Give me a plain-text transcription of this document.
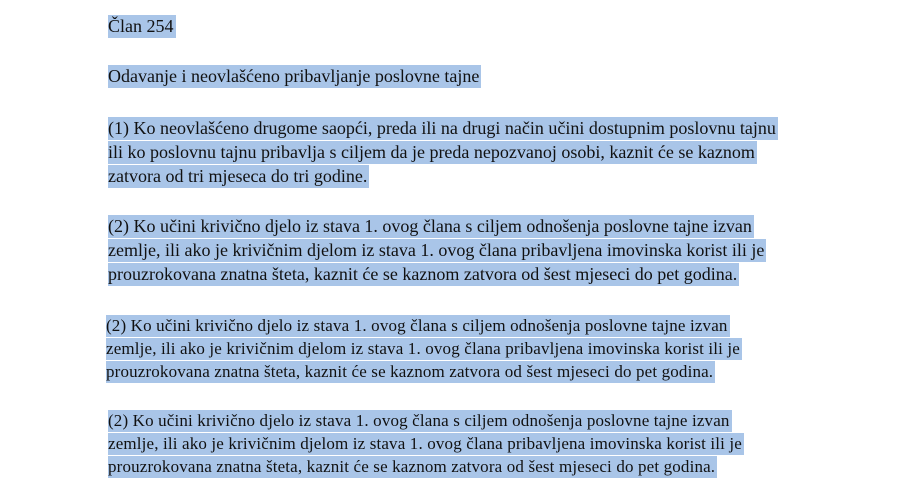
Član 254
Odavanje i neovlašćeno pribavljanje poslovne tajne
(1) Ko neovlašćeno drugome saopći, preda ili na drugi način učini dostupnim poslovnu tajnu
ili ko poslovnu tajnu pribavlja s ciljem da je preda nepozvanoj osobi, kaznit će se kaznom
zatvora od tri mjeseca do tri godine.
(2) Ko učini krivično djelo iz stava 1. ovog člana s ciljem odnošenja poslovne tajne izvan
zemlje, ili ako je krivičnim djelom iz stava 1. ovog člana pribavljena imovinska korist ili je
prouzrokovana znatna šteta, kaznit će se kaznom zatvora od šest mjeseci do pet godina.
(2) Ko učini krivično djelo iz stava 1. ovog člana s ciljem odnošenja poslovne tajne izvan
zemlje, ili ako je krivičnim djelom iz stava 1. ovog člana pribavljena imovinska korist ili je
prouzrokovana znatna šteta, kaznit će se kaznom zatvora od šest mjeseci do pet godina.
(2) Ko učini krivično djelo iz stava 1. ovog člana s ciljem odnošenja poslovne tajne izvan
zemlje, ili ako je krivičnim djelom iz stava 1. ovog člana pribavljena imovinska korist ili je
prouzrokovana znatna šteta, kaznit će se kaznom zatvora od šest mjeseci do pet godina.
